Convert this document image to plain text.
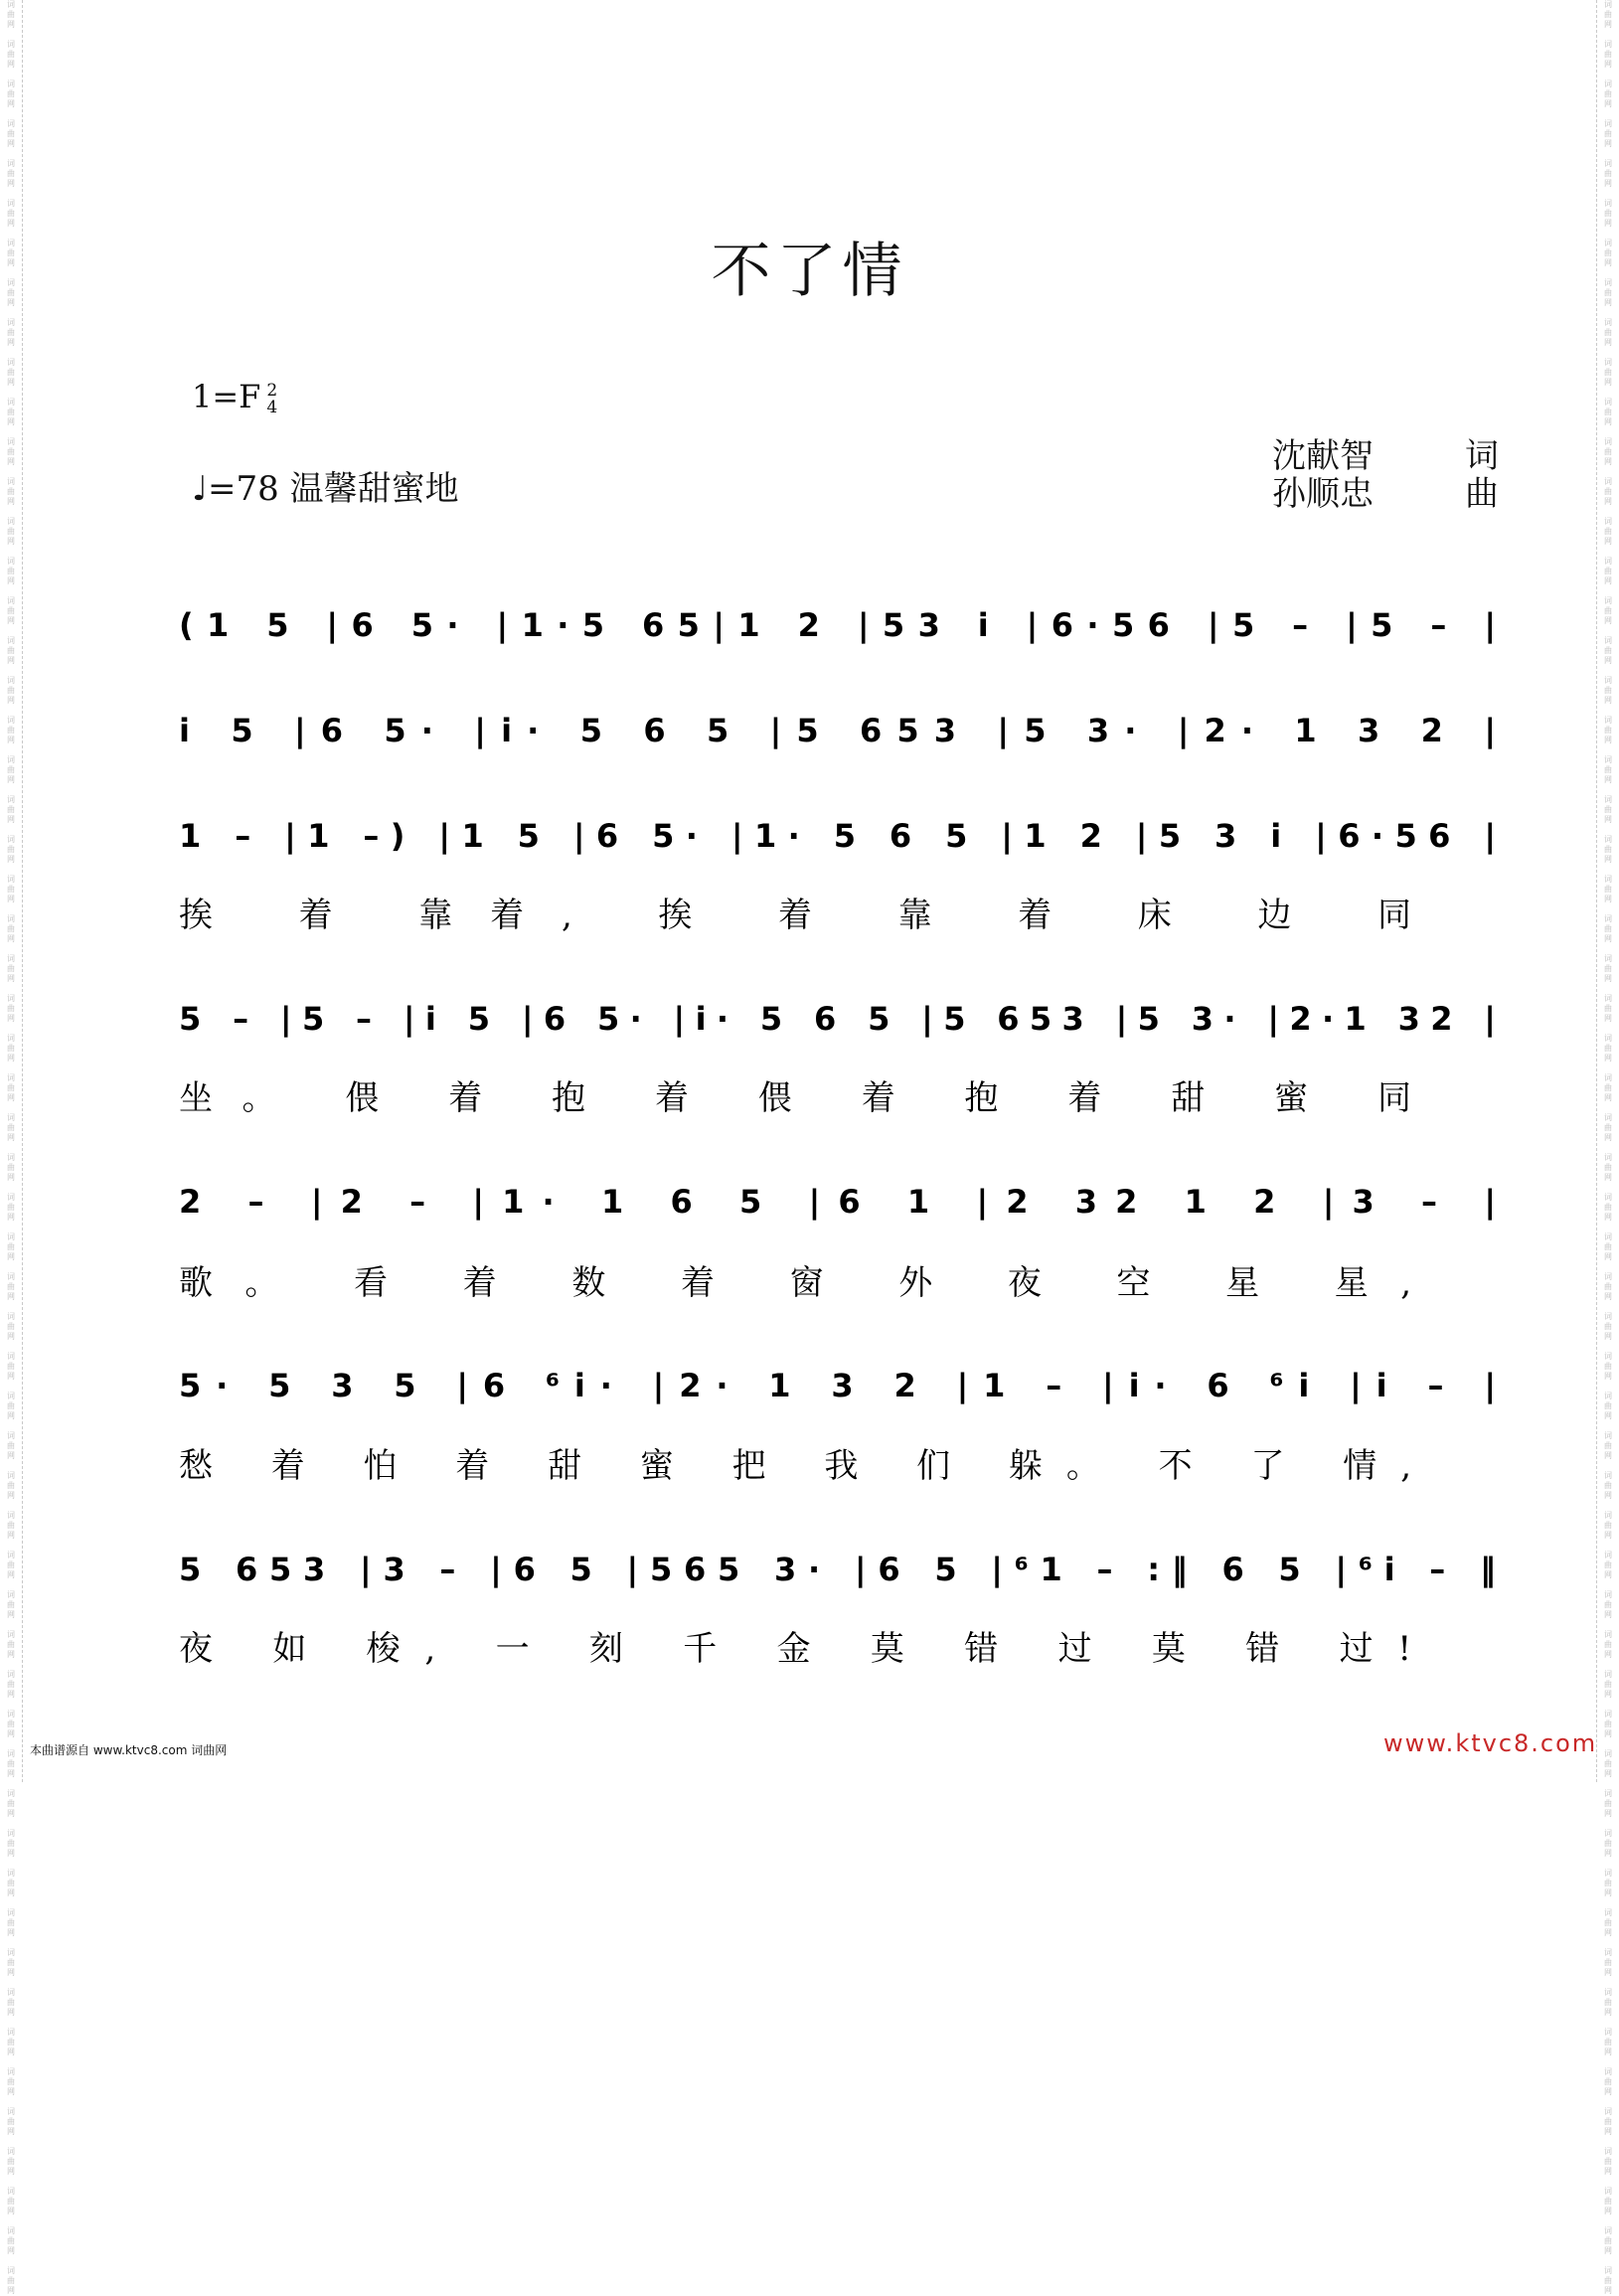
词
曲
网

词
曲
网

词
曲
网

词
曲
网

词
曲
网

词
曲
网

词
曲
网

词
曲
网

词
曲
网

词
曲
网

词
曲
网

词
曲
网

词
曲
网

词
曲
网

词
曲
网

词
曲
网

词
曲
网

词
曲
网

词
曲
网

词
曲
网

词
曲
网

词
曲
网

词
曲
网

词
曲
网

词
曲
网

词
曲
网

词
曲
网

词
曲
网

词
曲
网

词
曲
网

词
曲
网

词
曲
网

词
曲
网

词
曲
网

词
曲
网

词
曲
网

词
曲
网

词
曲
网

词
曲
网

词
曲
网

词
曲
网

词
曲
网

词
曲
网

词
曲
网

词
曲
网

词
曲
网

词
曲
网

词
曲
网

词
曲
网

词
曲
网

词
曲
网

词
曲
网

词
曲
网

词
曲
网

词
曲
网

词
曲
网

词
曲
网

词
曲
网

词
曲
网

词
曲
网

词
曲
网

词
曲
网

词
曲
网

词
曲
网

词
曲
网

词
曲
网

词
曲
网

词
曲
网

词
曲
网

词
曲
网

词
曲
网

词
曲
网

词
曲
网

词
曲
网

词
曲
网

词
曲
网

词
曲
网

词
曲
网

词
曲
网

词
曲
网

词
曲
网

词
曲
网

词
曲
网

词
曲
网

词
曲
网

词
曲
网

词
曲
网

词
曲
网

词
曲
网

词
曲
网

词
曲
网

词
曲
网

词
曲
网

词
曲
网

词
曲
网

词
曲
网

词
曲
网

词
曲
网

词
曲
网

词
曲
网

词
曲
网

词
曲
网

词
曲
网

词
曲
网

词
曲
网

词
曲
网

词
曲
网

词
曲
网

词
曲
网

词
曲
网

词
曲
网

词
曲
网

词
曲
网

词
曲
网

词
曲
网

词
曲
网

不了情
1=F 2
4
♩=78 温馨甜蜜地
沈献智	词
孙顺忠	曲
(1 5 |6 5· |1·5 65|1 2 |53 i |6·56 |5 – |5 – |
i 5 |6 5· |i· 5 6 5 |5 653 |5 3· |2· 1 3 2 |
1 – |1 –) |1 5 |6 5· |1· 5 6 5 |1 2 |5 3 i |6·56 |
挨 着 靠着, 挨 着 靠 着 床 边 同
5 – |5 – |i 5 |6 5· |i· 5 6 5 |5 653 |5 3· |2·1 32 |
坐。 偎 着 抱 着 偎 着 抱 着 甜 蜜 同
2 – |2 – |1· 1 6 5 |6 1 |2 32 1 2 |3 – |
歌。 看 着 数 着 窗 外 夜 空 星 星,
5· 5 3 5 |6 ⁶i· |2· 1 3 2 |1 – |i· 6 ⁶i |i – |
愁 着 怕 着 甜 蜜 把 我 们 躲。 不 了 情,
5 653 |3 – |6 5 |565 3· |6 5 |⁶1 – :‖ 6 5 |⁶i – ‖
夜 如 梭, 一 刻 千 金 莫 错 过 莫 错 过!
本曲谱源自 www.ktvc8.com 词曲网	www.ktvc8.com
